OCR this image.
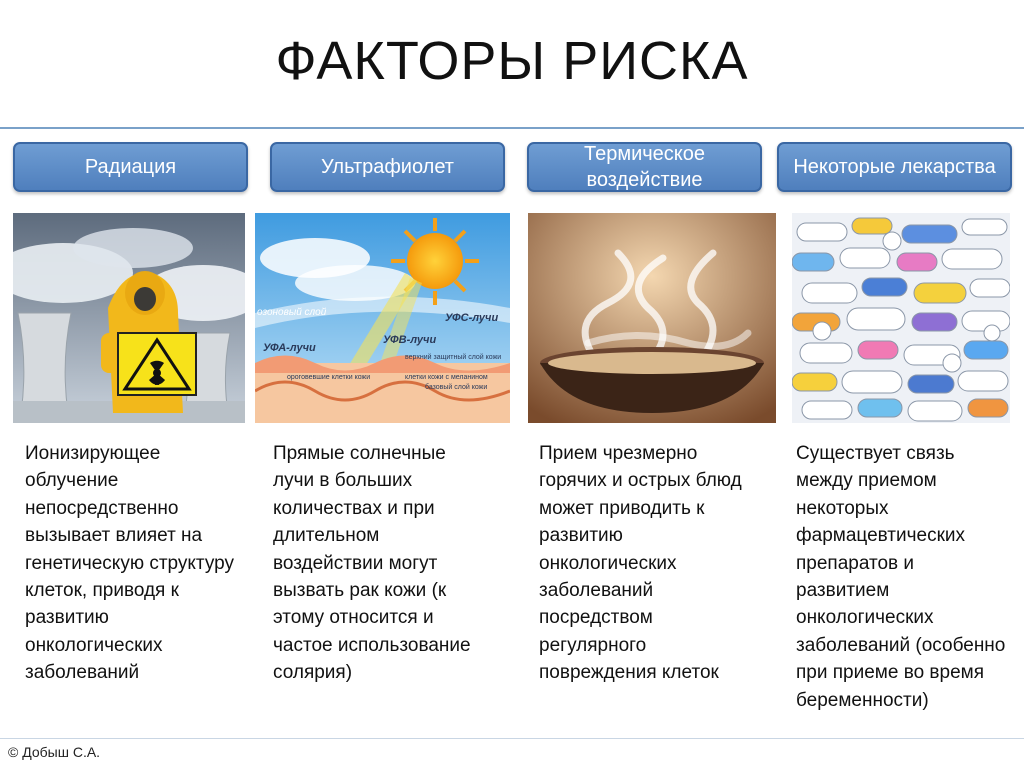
ФАКТОРЫ РИСКА
Радиация	Ультрафиолет
Термическое воздействие
Некоторые лекарства
озоновый слой
УФА-лучи
УФВ-лучи
УФС-лучи
верхний защитный слой кожи
ороговевшие клетки кожи	клетки кожи с меланином
базовый слой кожи
Ионизирующее облучение непосредственно вызывает влияет на генетическую структуру клеток, приводя к развитию онкологических заболеваний
Прямые солнечные лучи в больших количествах и при длительном воздействии могут вызвать рак кожи (к этому относится и частое использование солярия)
Прием чрезмерно горячих и острых блюд может приводить к развитию онкологических заболеваний посредством регулярного повреждения клеток
Существует связь между приемом некоторых фармацевтических препаратов и развитием онкологических заболеваний (особенно при приеме во время беременности)
© Добыш С.А.
